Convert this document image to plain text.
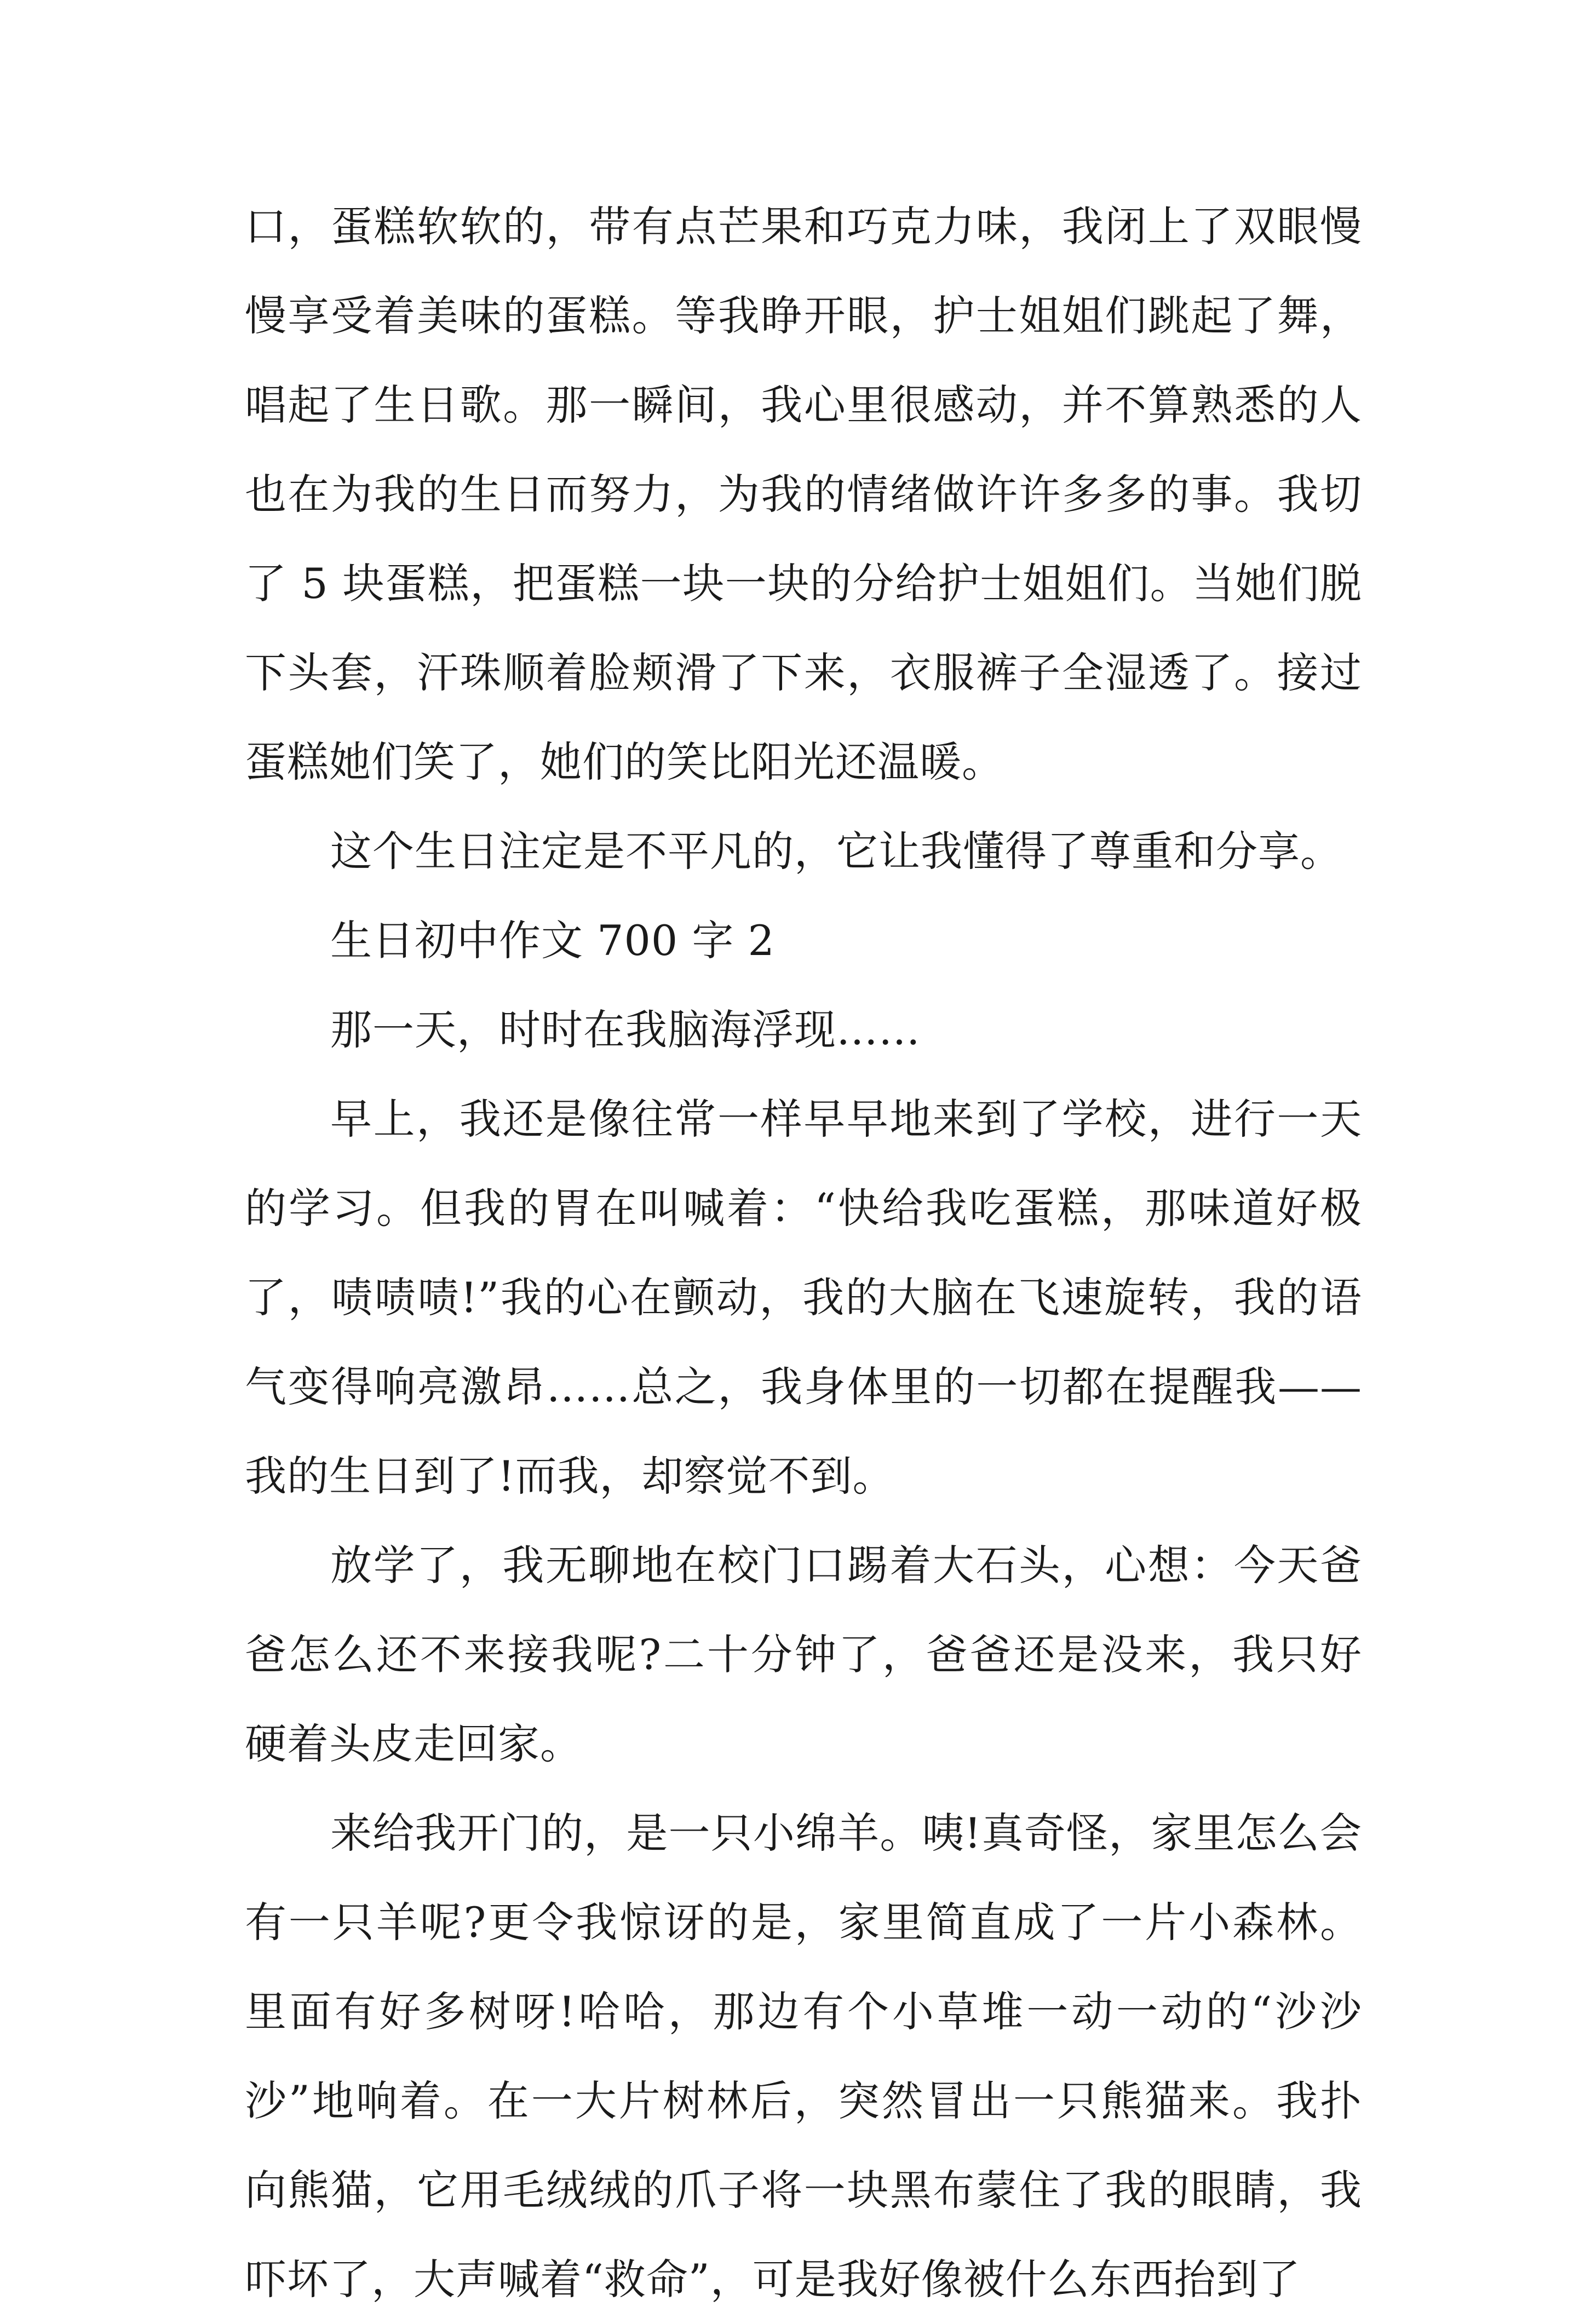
口，蛋糕软软的，带有点芒果和巧克力味，我闭上了双眼慢慢享受着美味的蛋糕。等我睁开眼，护士姐姐们跳起了舞，唱起了生日歌。那一瞬间，我心里很感动，并不算熟悉的人也在为我的生日而努力，为我的情绪做许许多多的事。我切了 5 块蛋糕，把蛋糕一块一块的分给护士姐姐们。当她们脱下头套，汗珠顺着脸颊滑了下来，衣服裤子全湿透了。接过蛋糕她们笑了，她们的笑比阳光还温暖。

这个生日注定是不平凡的，它让我懂得了尊重和分享。

生日初中作文 700 字 2

那一天，时时在我脑海浮现……

早上，我还是像往常一样早早地来到了学校，进行一天的学习。但我的胃在叫喊着：“快给我吃蛋糕，那味道好极了，啧啧啧!”我的心在颤动，我的大脑在飞速旋转，我的语气变得响亮激昂……总之，我身体里的一切都在提醒我——我的生日到了!而我，却察觉不到。

放学了，我无聊地在校门口踢着大石头，心想：今天爸爸怎么还不来接我呢?二十分钟了，爸爸还是没来，我只好硬着头皮走回家。

来给我开门的，是一只小绵羊。咦!真奇怪，家里怎么会有一只羊呢?更令我惊讶的是，家里简直成了一片小森林。里面有好多树呀!哈哈，那边有个小草堆一动一动的“沙沙沙”地响着。在一大片树林后，突然冒出一只熊猫来。我扑向熊猫，它用毛绒绒的爪子将一块黑布蒙住了我的眼睛，我吓坏了，大声喊着“救命”，可是我好像被什么东西抬到了
